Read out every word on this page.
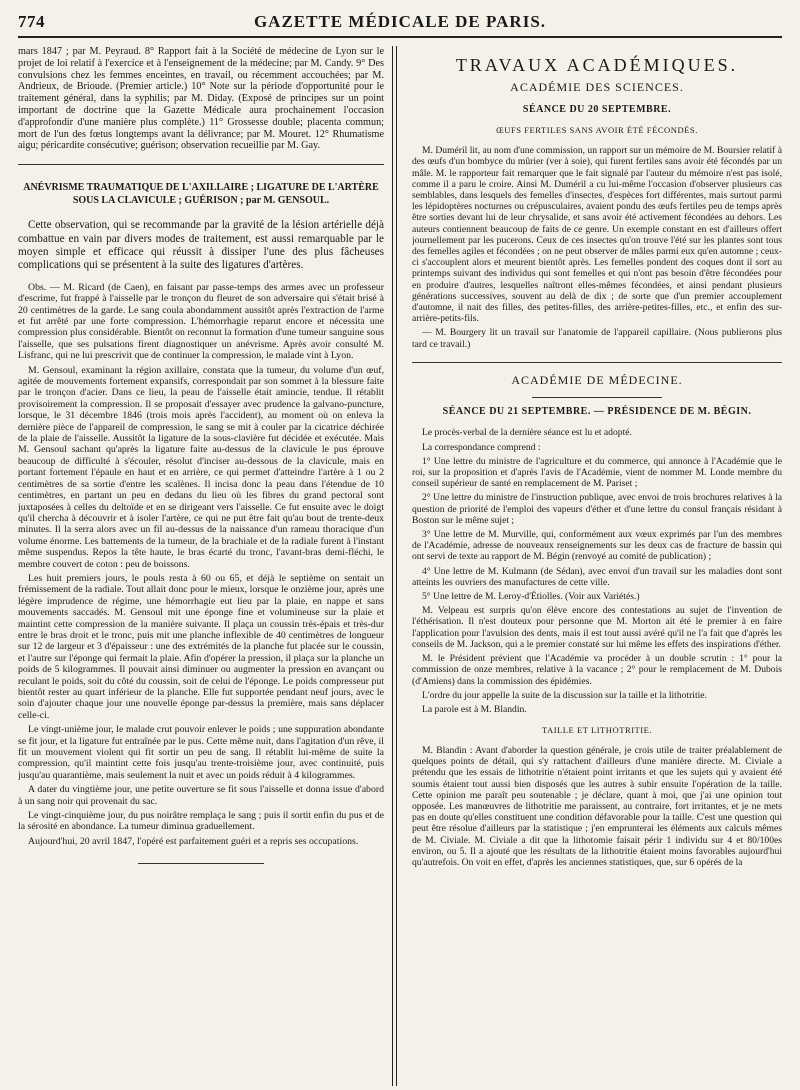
774	GAZETTE MÉDICALE DE PARIS.

mars 1847 ; par M. Peyraud. 8° Rapport fait à la Société de médecine de Lyon sur le projet de loi relatif à l'exercice et à l'enseignement de la médecine; par M. Candy. 9° Des convulsions chez les femmes enceintes, en travail, ou récemment accouchées; par M. Andrieux, de Brioude. (Premier article.) 10° Note sur la période d'opportunité pour le traitement général, dans la syphilis; par M. Diday. (Exposé de principes sur un point important de doctrine que la Gazette Médicale aura prochainement l'occasion d'approfondir d'une manière plus complète.) 11° Grossesse double; placenta commun; mort de l'un des fœtus longtemps avant la délivrance; par M. Mouret. 12° Rhumatisme aigu; péricardite consécutive; guérison; observation recueillie par M. Gay.

ANÉVRISME TRAUMATIQUE DE L'AXILLAIRE ; LIGATURE DE L'ARTÈRE SOUS LA CLAVICULE ; GUÉRISON ; par M. GENSOUL.

Cette observation, qui se recommande par la gravité de la lésion artérielle déjà combattue en vain par divers modes de traitement, est aussi remarquable par le moyen simple et efficace qui réussit à dissiper l'une des plus fâcheuses complications qui se présentent à la suite des ligatures d'artères.

Obs. — M. Ricard (de Caen), en faisant par passe-temps des armes avec un professeur d'escrime, fut frappé à l'aisselle par le tronçon du fleuret de son adversaire qui s'était brisé à 20 centimètres de la garde. Le sang coula abondamment aussitôt après l'extraction de l'arme et fut arrêté par une forte compression. L'hémorrhagie reparut encore et nécessita une compression plus considérable. Bientôt on reconnut la formation d'une tumeur sanguine sous l'aisselle, que ses pulsations firent diagnostiquer un anévrisme. Après avoir consulté M. Lisfranc, qui ne lui prescrivit que de continuer la compression, le malade vint à Lyon.

M. Gensoul, examinant la région axillaire, constata que la tumeur, du volume d'un œuf, agitée de mouvements fortement expansifs, correspondait par son sommet à la blessure faite par le tronçon d'acier. Dans ce lieu, la peau de l'aisselle était amincie, tendue. Il rétablit provisoirement la compression. Il se proposait d'essayer avec prudence la galvano-puncture, lorsque, le 31 décembre 1846 (trois mois après l'accident), au moment où on enleva la dernière pièce de l'appareil de compression, le sang se mit à couler par la cicatrice déchirée de la plaie de l'aisselle. Aussitôt la ligature de la sous-clavière fut décidée et exécutée. Mais M. Gensoul sachant qu'après la ligature faite au-dessus de la clavicule le pus éprouve beaucoup de difficulté à s'écouler, résolut d'inciser au-dessous de la clavicule, mais en portant fortement l'épaule en haut et en arrière, ce qui permet d'atteindre l'artère à 1 ou 2 centimètres de sa sortie d'entre les scalènes. Il incisa donc la peau dans l'étendue de 10 centimètres, en partant un peu en dedans du lieu où les fibres du grand pectoral sont juxtaposées à celles du deltoïde et en se dirigeant vers l'aisselle. Ce fut ensuite avec le doigt qu'il chercha à découvrir et à isoler l'artère, ce qui ne put être fait qu'au bout de trente-deux minutes. Il la serra alors avec un fil au-dessus de la naissance d'un rameau thoracique d'un volume énorme. Les battements de la tumeur, de la brachiale et de la radiale furent à l'instant même suspendus. Repos la tête haute, le bras écarté du tronc, l'avant-bras demi-fléchi, le membre couvert de coton : peu de boissons.

Les huit premiers jours, le pouls resta à 60 ou 65, et déjà le septième on sentait un frémissement de la radiale. Tout allait donc pour le mieux, lorsque le onzième jour, après une légère imprudence de régime, une hémorrhagie eut lieu par la plaie, en nappe et sans mouvements saccadés. M. Gensoul mit une éponge fine et volumineuse sur la plaie et maintint cette compression de la manière suivante. Il plaça un coussin très-épais et très-dur entre le bras droit et le tronc, puis mit une planche inflexible de 40 centimètres de longueur sur 12 de largeur et 3 d'épaisseur : une des extrémités de la planche fut placée sur le coussin, et l'autre sur l'éponge qui fermait la plaie. Afin d'opérer la pression, il plaça sur la planche un poids de 5 kilogrammes. Il pouvait ainsi diminuer ou augmenter la pression en avançant ou reculant le poids, soit du côté du coussin, soit de celui de l'éponge. Le poids compresseur put bientôt rester au quart inférieur de la planche. Elle fut supportée pendant neuf jours, avec le soin d'ajouter chaque jour une nouvelle éponge par-dessus la première, mais sans déplacer celle-ci.

Le vingt-unième jour, le malade crut pouvoir enlever le poids ; une suppuration abondante se fit jour, et la ligature fut entraînée par le pus. Cette même nuit, dans l'agitation d'un rêve, il fit un mouvement violent qui fit sortir un peu de sang. Il rétablit lui-même de suite la compression, qu'il maintint cette fois jusqu'au trente-troisième jour, avec continuité, puis jusqu'au quarantième, mais seulement la nuit et avec un poids réduit à 4 kilogrammes.

A dater du vingtième jour, une petite ouverture se fit sous l'aisselle et donna issue d'abord à un sang noir qui provenait du sac.

Le vingt-cinquième jour, du pus noirâtre remplaça le sang ; puis il sortit enfin du pus et de la sérosité en abondance. La tumeur diminua graduellement.

Aujourd'hui, 20 avril 1847, l'opéré est parfaitement guéri et a repris ses occupations.

TRAVAUX ACADÉMIQUES.
ACADÉMIE DES SCIENCES.
SÉANCE DU 20 SEPTEMBRE.
ŒUFS FERTILES SANS AVOIR ÉTÉ FÉCONDÉS.

M. Duméril lit, au nom d'une commission, un rapport sur un mémoire de M. Boursier relatif à des œufs d'un bombyce du mûrier (ver à soie), qui furent fertiles sans avoir été fécondés par un mâle. M. le rapporteur fait remarquer que le fait signalé par l'auteur du mémoire n'est pas isolé, comme il a paru le croire. Ainsi M. Duméril a cu lui-même l'occasion d'observer plusieurs cas semblables, dans lesquels des femelles d'insectes, d'espèces fort différentes, mais surtout parmi les lépidoptères nocturnes ou crépusculaires, avaient pondu des œufs fertiles peu de temps après être sorties devant lui de leur chrysalide, et sans avoir été activement fécondées au dehors. Les auteurs contiennent beaucoup de faits de ce genre. Un exemple constant en est d'ailleurs offert journellement par les pucerons. Ceux de ces insectes qu'on trouve l'été sur les plantes sont tous des femelles agiles et fécondées ; on ne peut observer de mâles parmi eux qu'en automne ; ceux-ci s'accouplent alors et meurent bientôt après. Les femelles pondent des coques dont il sort au printemps suivant des individus qui sont femelles et qui n'ont pas besoin d'être fécondées pour en produire d'autres, lesquelles naîtront elles-mêmes fécondées, et ainsi pendant plusieurs générations successives, souvent au delà de dix ; de sorte que d'un premier accouplement d'automne, il nait des filles, des petites-filles, des arrière-petites-filles, etc., et enfin des sur-arrière-petits-fils.

— M. Bourgery lit un travail sur l'anatomie de l'appareil capillaire. (Nous publierons plus tard ce travail.)

ACADÉMIE DE MÉDECINE.
SÉANCE DU 21 SEPTEMBRE. — PRÉSIDENCE DE M. BÉGIN.

Le procès-verbal de la dernière séance est lu et adopté.

La correspondance comprend :

1° Une lettre du ministre de l'agriculture et du commerce, qui annonce à l'Académie que le roi, sur la proposition et d'après l'avis de l'Académie, vient de nommer M. Londe membre du conseil supérieur de santé en remplacement de M. Pariset ;

2° Une lettre du ministre de l'instruction publique, avec envoi de trois brochures relatives à la question de priorité de l'emploi des vapeurs d'éther et d'une lettre du consul français résidant à Boston sur le même sujet ;

3° Une lettre de M. Murville, qui, conformément aux vœux exprimés par l'un des membres de l'Académie, adresse de nouveaux renseignements sur les deux cas de fracture de bassin qui ont servi de texte au rapport de M. Bégin (renvoyé au comité de publication) ;

4° Une lettre de M. Kulmann (de Sédan), avec envoi d'un travail sur les maladies dont sont atteints les ouvriers des manufactures de cette ville.

5° Une lettre de M. Leroy-d'Étiolles. (Voir aux Variétés.)

M. Velpeau est surpris qu'on élève encore des contestations au sujet de l'invention de l'éthérisation. Il n'est douteux pour personne que M. Morton ait été le premier à en faire l'application pour l'avulsion des dents, mais il est tout aussi avéré qu'il ne l'a fait que d'après les conseils de M. Jackson, qui a le premier constaté sur lui même les effets des inspirations d'éther.

M. le Président prévient que l'Académie va procéder à un double scrutin : 1° pour la commission de onze membres, relative à la vacance ; 2° pour le remplacement de M. Dubois (d'Amiens) dans la commission des épidémies.

L'ordre du jour appelle la suite de la discussion sur la taille et la lithotritie.

La parole est à M. Blandin.

TAILLE ET LITHOTRITIE.

M. Blandin : Avant d'aborder la question générale, je crois utile de traiter préalablement de quelques points de détail, qui s'y rattachent d'ailleurs d'une manière directe. M. Civiale a prétendu que les essais de lithotritie n'étaient point irritants et que les sujets qui y avaient été soumis étaient tout aussi bien disposés que les autres à subir ensuite l'opération de la taille. Cette opinion me paraît peu soutenable ; je déclare, quant à moi, que j'ai une opinion tout opposée. Les manœuvres de lithotritie me paraissent, au contraire, fort irritantes, et je ne mets pas en doute qu'elles constituent une condition défavorable pour la taille. C'est une question qui peut être résolue d'ailleurs par la statistique ; j'en emprunterai les éléments aux calculs mêmes de M. Civiale. M. Civiale a dit que la lithotomie faisait périr 1 individu sur 4 et 80/100es environ, ou 5. Il a ajouté que les résultats de la lithotritie étaient moins favorables aujourd'hui qu'autrefois. On voit en effet, d'après les anciennes statistiques, que, sur 6 opérés de la
